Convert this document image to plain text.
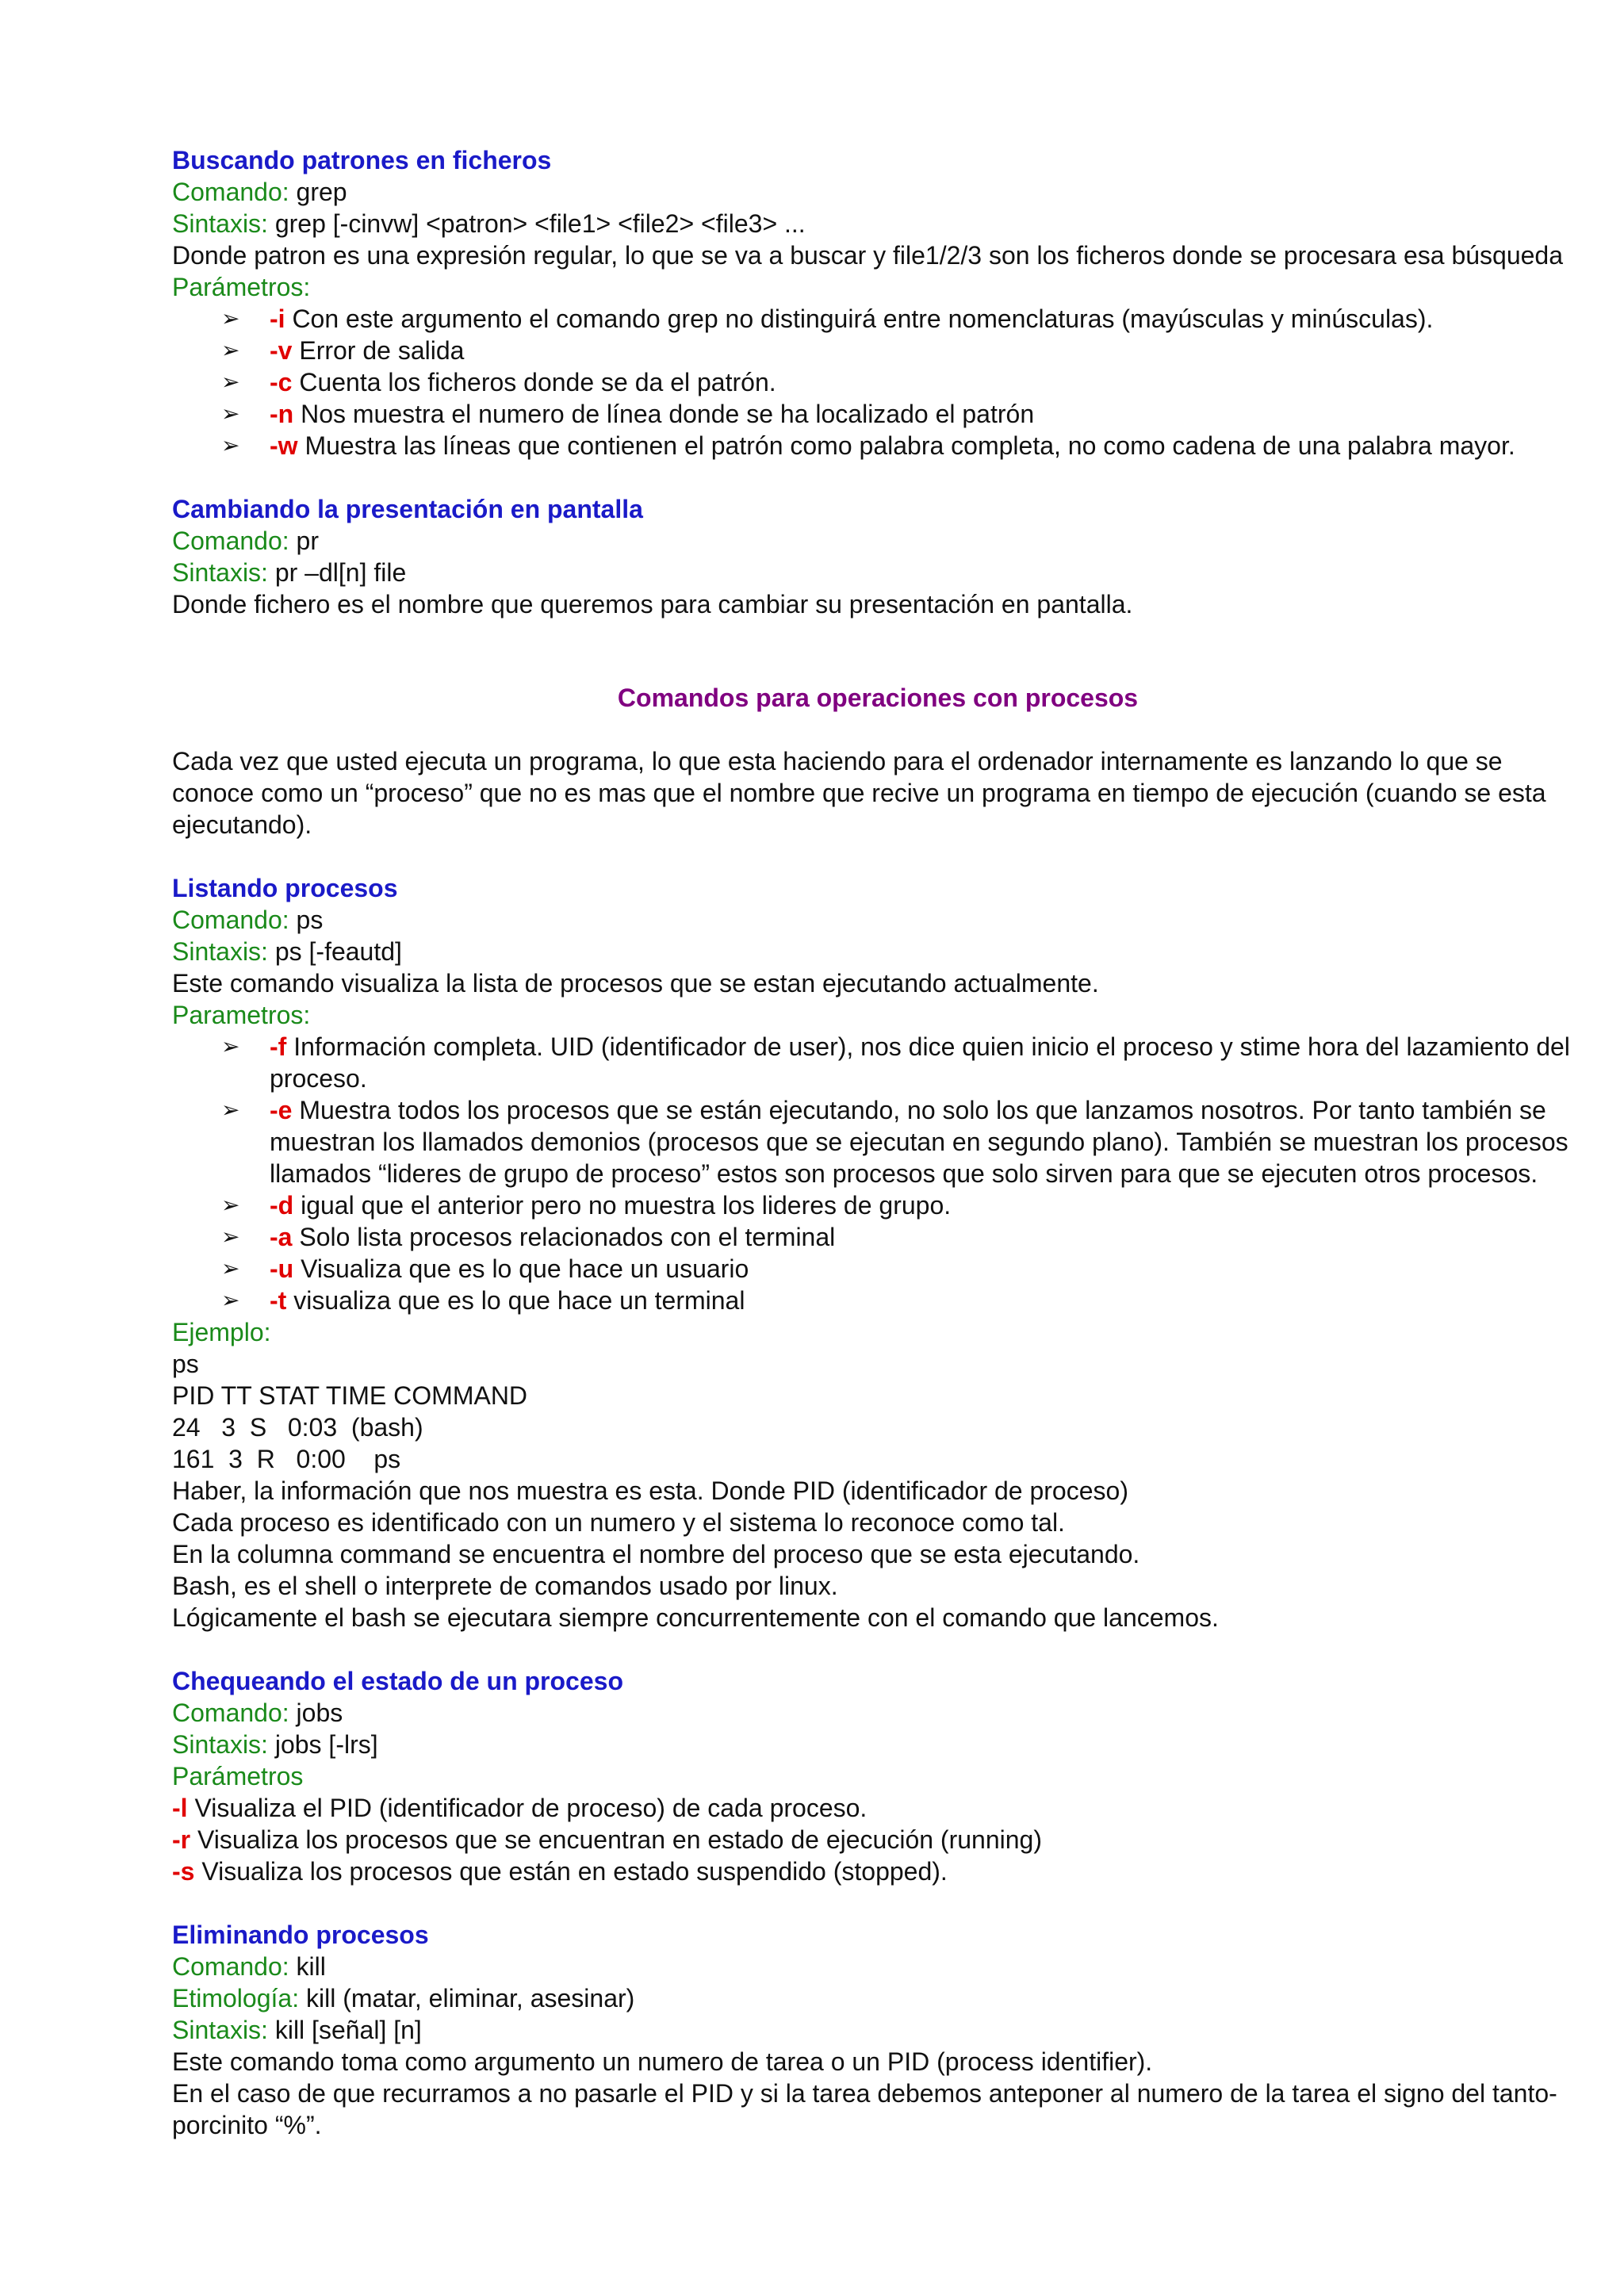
Buscando patrones en ficheros

Comando: grep

Sintaxis: grep [-cinvw] <patron> <file1> <file2> <file3> ...

Donde patron es una expresión regular, lo que se va a buscar y file1/2/3 son los ficheros donde se procesara esa búsqueda

Parámetros:

➢ -i Con este argumento el comando grep no distinguirá entre nomenclaturas (mayúsculas y minúsculas).
➢ -v Error de salida
➢ -c Cuenta los ficheros donde se da el patrón.
➢ -n Nos muestra el numero de línea donde se ha localizado el patrón
➢ -w Muestra las líneas que contienen el patrón como palabra completa, no como cadena de una palabra mayor.

Cambiando la presentación en pantalla

Comando: pr

Sintaxis: pr –dl[n] file

Donde fichero es el nombre que queremos para cambiar su presentación en pantalla.

Comandos para operaciones con procesos

Cada vez que usted ejecuta un programa, lo que esta haciendo para el ordenador internamente es lanzando lo que se conoce como un “proceso” que no es mas que el nombre que recive un programa en tiempo de ejecución (cuando se esta ejecutando).

Listando procesos

Comando: ps

Sintaxis: ps [-feautd]

Este comando visualiza la lista de procesos que se estan ejecutando actualmente.

Parametros:

➢ -f Información completa. UID (identificador de user), nos dice quien inicio el proceso y stime hora del lazamiento del proceso.
➢ -e Muestra todos los procesos que se están ejecutando, no solo los que lanzamos nosotros. Por tanto también se muestran los llamados demonios (procesos que se ejecutan en segundo plano). También se muestran los procesos llamados “lideres de grupo de proceso” estos son procesos que solo sirven para que se ejecuten otros procesos.
➢ -d igual que el anterior pero no muestra los lideres de grupo.
➢ -a Solo lista procesos relacionados con el terminal
➢ -u Visualiza que es lo que hace un usuario
➢ -t visualiza que es lo que hace un terminal

Ejemplo:

ps

PID TT STAT TIME COMMAND

24   3  S   0:03  (bash)

161  3  R   0:00    ps

Haber, la información que nos muestra es esta. Donde PID (identificador de proceso)

Cada proceso es identificado con un numero y el sistema lo reconoce como tal.

En la columna command se encuentra el nombre del proceso que se esta ejecutando.

Bash, es el shell o interprete de comandos usado por linux.

Lógicamente el bash se ejecutara siempre concurrentemente con el comando que lancemos.

Chequeando el estado de un proceso

Comando: jobs

Sintaxis: jobs [-lrs]

Parámetros

-l Visualiza el PID (identificador de proceso) de cada proceso.

-r Visualiza los procesos que se encuentran en estado de ejecución (running)

-s Visualiza los procesos que están en estado suspendido (stopped).

Eliminando procesos

Comando: kill

Etimología: kill (matar, eliminar, asesinar)

Sintaxis: kill [señal] [n]

Este comando toma como argumento un numero de tarea o un PID (process identifier).

En el caso de que recurramos a no pasarle el PID y si la tarea debemos anteponer al numero de la tarea el signo del tanto-porcinito “%”.
